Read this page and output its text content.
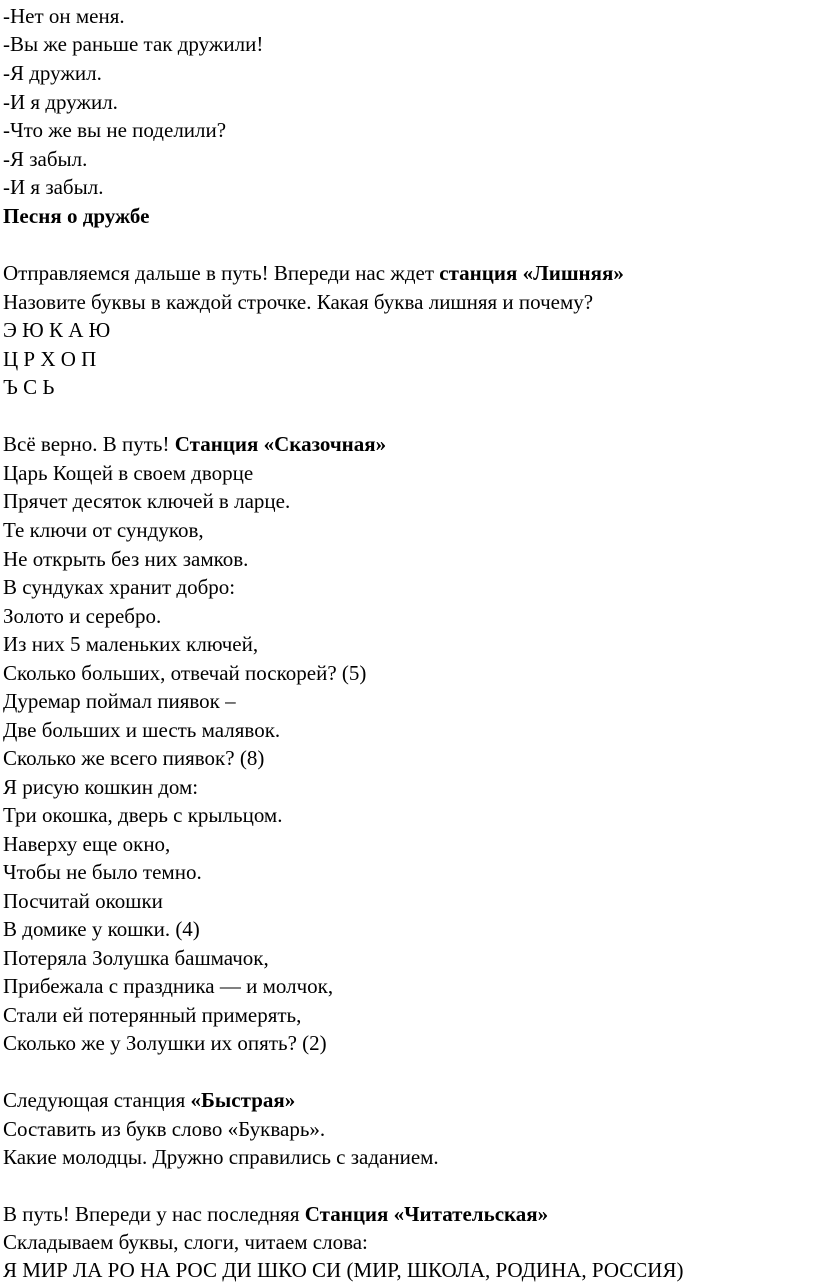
-Нет он меня.
-Вы же раньше так дружили!
-Я дружил.
-И я дружил.
-Что же вы не поделили?
-Я забыл.
-И я забыл.
Песня о дружбе
Отправляемся дальше в путь! Впереди нас ждет станция «Лишняя»
Назовите буквы в каждой строчке. Какая буква лишняя и почему?
Э Ю К А Ю
Ц Р Х О П
Ъ С Ь
Всё верно. В путь! Станция «Сказочная»
Царь Кощей в своем дворце
Прячет десяток ключей в ларце.
Те ключи от сундуков,
Не открыть без них замков.
В сундуках хранит добро:
Золото и серебро.
Из них 5 маленьких ключей,
Сколько больших, отвечай поскорей? (5)
Дуремар поймал пиявок –
Две больших и шесть малявок.
Сколько же всего пиявок? (8)
Я рисую кошкин дом:
Три окошка, дверь с крыльцом.
Наверху еще окно,
Чтобы не было темно.
Посчитай окошки
В домике у кошки. (4)
Потеряла Золушка башмачок,
Прибежала с праздника — и молчок,
Стали ей потерянный примерять,
Сколько же у Золушки их опять? (2)
Следующая станция «Быстрая»
Составить из букв слово «Букварь».
Какие молодцы. Дружно справились с заданием.
В путь! Впереди у нас последняя Станция «Читательская»
Складываем буквы, слоги, читаем слова:
Я МИР ЛА РО НА РОС ДИ ШКО СИ (МИР, ШКОЛА, РОДИНА, РОССИЯ)
